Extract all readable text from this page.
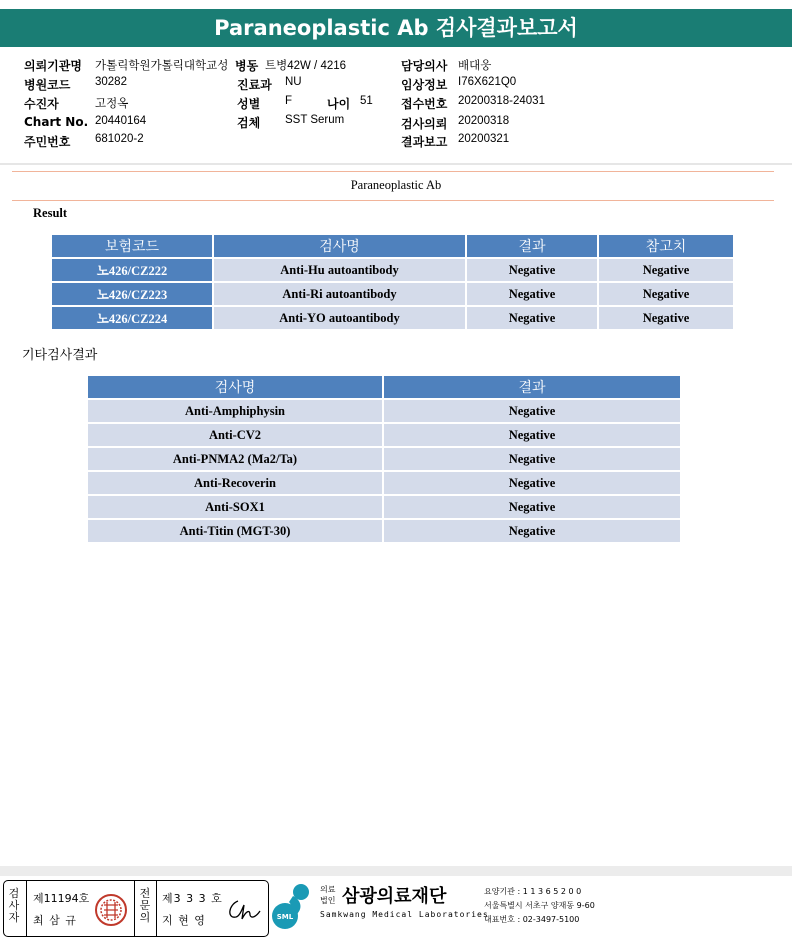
Paraneoplastic Ab 검사결과보고서
의뢰기관명 가톨릭학원가톨릭대학교성 병동 트병42W / 4216	담당의사 배대웅
병원코드 30282	진료과 NU	임상정보 I76X621Q0
수진자	고정옥	성별 F	나이 51 접수번호 20200318-24031
Chart No. 20440164	검체 SST Serum	검사의뢰 20200318
주민번호 681020-2	결과보고 20200321
Paraneoplastic Ab
Result
보험코드	검사명	결과	참고치
노426/CZ222	Anti-Hu autoantibody	Negative	Negative
노426/CZ223	Anti-Ri autoantibody	Negative	Negative
노426/CZ224	Anti-YO autoantibody	Negative	Negative
기타검사결과
검사명	결과
Anti-Amphiphysin	Negative
Anti-CV2	Negative
Anti-PNMA2 (Ma2/Ta)	Negative
Anti-Recoverin	Negative
Anti-SOX1	Negative
Anti-Titin (MGT-30)	Negative
검사자
제11194호
최 삼 규
전문의
제3 3 3 호
지 현 영	SML
의료
법인 삼광의료재단
Samkwang Medical Laboratories
요양기관 : 1 1 3 6 5 2 0 0
서울특별시 서초구 양재동 9-60
대표번호 : 02-3497-5100
